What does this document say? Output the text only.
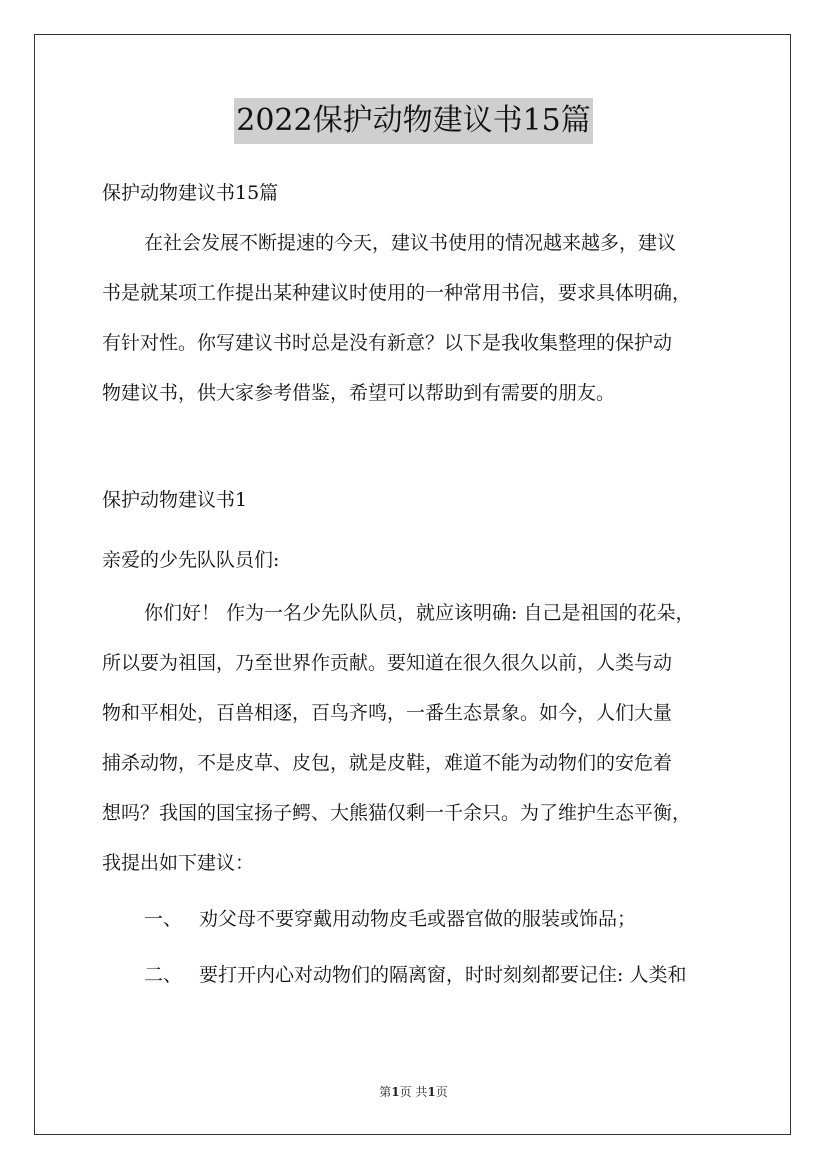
2022保护动物建议书15篇
保护动物建议书15篇
在社会发展不断提速的今天，建议书使用的情况越来越多，建议
书是就某项工作提出某种建议时使用的一种常用书信，要求具体明确，
有针对性。你写建议书时总是没有新意？以下是我收集整理的保护动
物建议书，供大家参考借鉴，希望可以帮助到有需要的朋友。
保护动物建议书1
亲爱的少先队队员们:
你们好！ 作为一名少先队队员，就应该明确: 自己是祖国的花朵，
所以要为祖国，乃至世界作贡献。要知道在很久很久以前，人类与动
物和平相处，百兽相逐，百鸟齐鸣，一番生态景象。如今，人们大量
捕杀动物，不是皮草、皮包，就是皮鞋，难道不能为动物们的安危着
想吗？我国的国宝扬子鳄、大熊猫仅剩一千余只。为了维护生态平衡，
我提出如下建议：
一、 劝父母不要穿戴用动物皮毛或器官做的服装或饰品；
二、 要打开内心对动物们的隔离窗，时时刻刻都要记住: 人类和
第1页 共1页
